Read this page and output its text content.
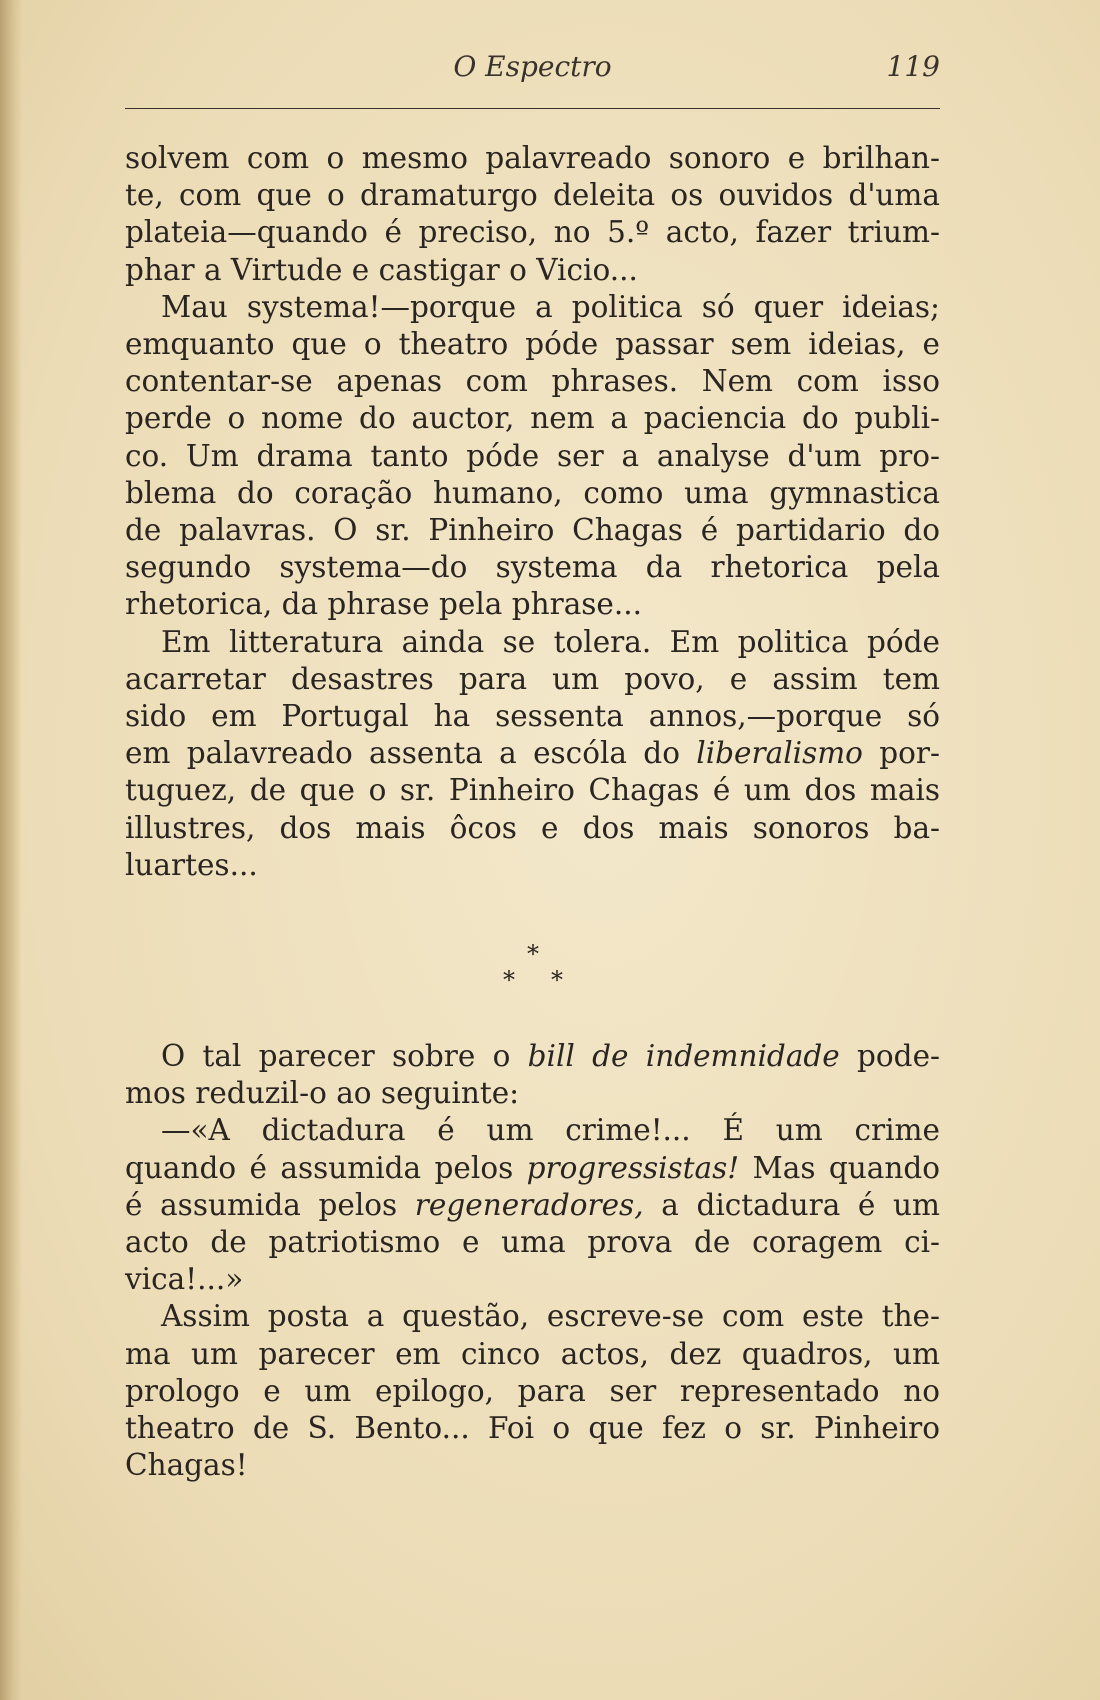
O Espectro	119

solvem com o mesmo palavreado sonoro e brilhan-
te, com que o dramaturgo deleita os ouvidos d'uma
plateia—quando é preciso, no 5.º acto, fazer trium-
phar a Virtude e castigar o Vicio...

Mau systema!—porque a politica só quer ideias;
emquanto que o theatro póde passar sem ideias, e
contentar-se apenas com phrases. Nem com isso
perde o nome do auctor, nem a paciencia do publi-
co. Um drama tanto póde ser a analyse d'um pro-
blema do coração humano, como uma gymnastica
de palavras. O sr. Pinheiro Chagas é partidario do
segundo systema—do systema da rhetorica pela
rhetorica, da phrase pela phrase...

Em litteratura ainda se tolera. Em politica póde
acarretar desastres para um povo, e assim tem
sido em Portugal ha sessenta annos,—porque só
em palavreado assenta a escóla do liberalismo por-
tuguez, de que o sr. Pinheiro Chagas é um dos mais
illustres, dos mais ôcos e dos mais sonoros ba-
luartes...

*
* *

O tal parecer sobre o bill de indemnidade pode-
mos reduzil-o ao seguinte:

—«A dictadura é um crime!... É um crime
quando é assumida pelos progressistas! Mas quando
é assumida pelos regeneradores, a dictadura é um
acto de patriotismo e uma prova de coragem ci-
vica!...»

Assim posta a questão, escreve-se com este the-
ma um parecer em cinco actos, dez quadros, um
prologo e um epilogo, para ser representado no
theatro de S. Bento... Foi o que fez o sr. Pinheiro
Chagas!
